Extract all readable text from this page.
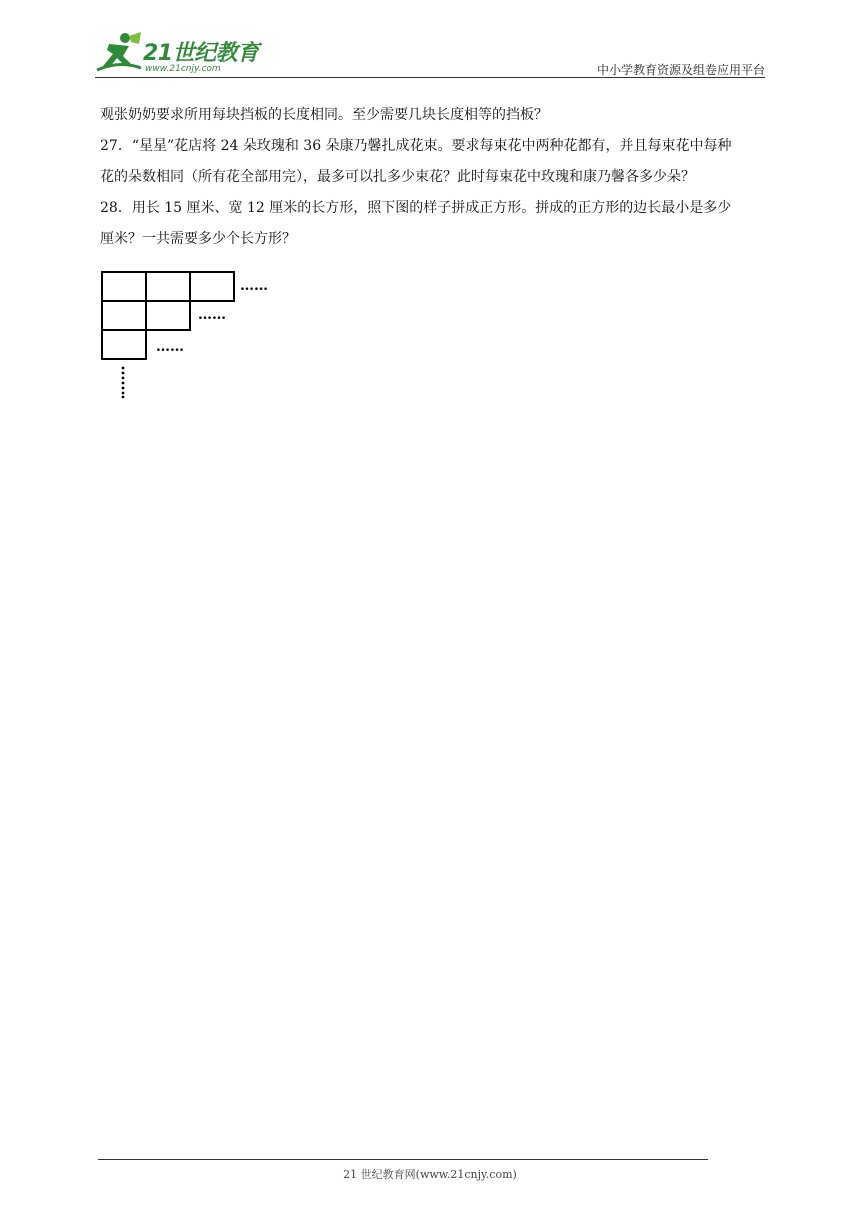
21世纪教育
www.21cnjy.com	中小学教育资源及组卷应用平台

观张奶奶要求所用每块挡板的长度相同。至少需要几块长度相等的挡板？

27．“星星”花店将 24 朵玫瑰和 36 朵康乃馨扎成花束。要求每束花中两种花都有，并且每束花中每种

花的朵数相同（所有花全部用完），最多可以扎多少束花？此时每束花中玫瑰和康乃馨各多少朵？

28．用长 15 厘米、宽 12 厘米的长方形，照下图的样子拼成正方形。拼成的正方形的边长最小是多少

厘米？一共需要多少个长方形？

……
……
……
21 世纪教育网(www.21cnjy.com)
